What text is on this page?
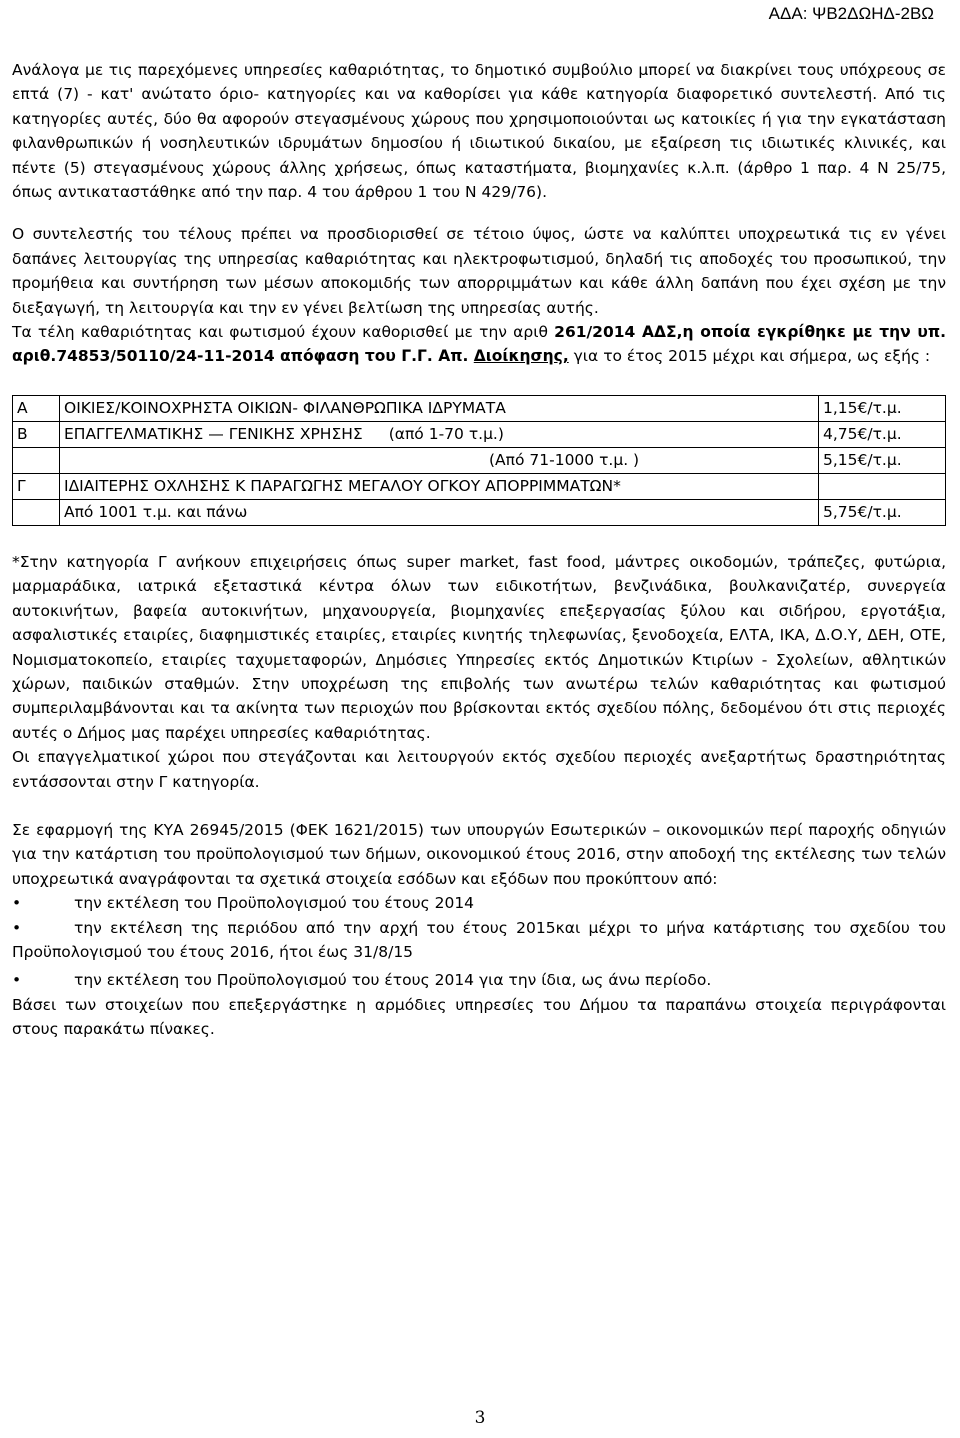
ΑΔΑ: ΨΒ2ΔΩΗΔ-2ΒΩ

Ανάλογα με τις παρεχόμενες υπηρεσίες καθαριότητας, το δημοτικό συμβούλιο μπορεί να διακρίνει τους υπόχρεους σε επτά (7) - κατ' ανώτατο όριο- κατηγορίες και να καθορίσει για κάθε κατηγορία διαφορετικό συντελεστή. Από τις κατηγορίες αυτές, δύο θα αφορούν στεγασμένους χώρους που χρησιμοποιούνται ως κατοικίες ή για την εγκατάσταση φιλανθρωπικών ή νοσηλευτικών ιδρυμάτων δημοσίου ή ιδιωτικού δικαίου, με εξαίρεση τις ιδιωτικές κλινικές, και πέντε (5) στεγασμένους χώρους άλλης χρήσεως, όπως καταστήματα, βιομηχανίες κ.λ.π. (άρθρο 1 παρ. 4 Ν 25/75, όπως αντικαταστάθηκε από την παρ. 4 του άρθρου 1 του Ν 429/76).

Ο συντελεστής του τέλους πρέπει να προσδιορισθεί σε τέτοιο ύψος, ώστε να καλύπτει υποχρεωτικά τις εν γένει δαπάνες λειτουργίας της υπηρεσίας καθαριότητας και ηλεκτροφωτισμού, δηλαδή τις αποδοχές του προσωπικού, την προμήθεια και συντήρηση των μέσων αποκομιδής των απορριμμάτων και κάθε άλλη δαπάνη που έχει σχέση με την διεξαγωγή, τη λειτουργία και την εν γένει βελτίωση της υπηρεσίας αυτής.

Τα τέλη καθαριότητας και φωτισμού έχουν καθορισθεί με την αριθ 261/2014 ΑΔΣ,η οποία εγκρίθηκε με την υπ. αριθ.74853/50110/24-11-2014 απόφαση του Γ.Γ. Απ. Διοίκησης, για το έτος 2015 μέχρι και σήμερα, ως εξής :

Α	ΟΙΚΙΕΣ/ΚΟΙΝΟΧΡΗΣΤΑ ΟΙΚΙΩΝ- ΦΙΛΑΝΘΡΩΠΙΚΑ ΙΔΡΥΜΑΤΑ	1,15€/τ.μ.
Β	ΕΠΑΓΓΕΛΜΑΤΙΚΗΣ — ΓΕΝΙΚΗΣ ΧΡΗΣΗΣ (από 1-70 τ.μ.)	4,75€/τ.μ.
	(Από 71-1000 τ.μ. )	5,15€/τ.μ.
Γ	ΙΔΙΑΙΤΕΡΗΣ ΟΧΛΗΣΗΣ Κ ΠΑΡΑΓΩΓΗΣ ΜΕΓΑΛΟΥ ΟΓΚΟΥ ΑΠΟΡΡΙΜΜΑΤΩΝ*	
	Από 1001 τ.μ. και πάνω	5,75€/τ.μ.

*Στην κατηγορία Γ ανήκουν επιχειρήσεις όπως super market, fast food, μάντρες οικοδομών, τράπεζες, φυτώρια, μαρμαράδικα, ιατρικά εξεταστικά κέντρα όλων των ειδικοτήτων, βενζινάδικα, βουλκανιζατέρ, συνεργεία αυτοκινήτων, βαφεία αυτοκινήτων, μηχανουργεία, βιομηχανίες επεξεργασίας ξύλου και σιδήρου, εργοτάξια, ασφαλιστικές εταιρίες, διαφημιστικές εταιρίες, εταιρίες κινητής τηλεφωνίας, ξενοδοχεία, ΕΛΤΑ, ΙΚΑ, Δ.Ο.Υ, ΔΕΗ, ΟΤΕ, Νομισματοκοπείο, εταιρίες ταχυμεταφορών, Δημόσιες Υπηρεσίες εκτός Δημοτικών Κτιρίων - Σχολείων, αθλητικών χώρων, παιδικών σταθμών. Στην υποχρέωση της επιβολής των ανωτέρω τελών καθαριότητας και φωτισμού συμπεριλαμβάνονται και τα ακίνητα των περιοχών που βρίσκονται εκτός σχεδίου πόλης, δεδομένου ότι στις περιοχές αυτές ο Δήμος μας παρέχει υπηρεσίες καθαριότητας.

Οι επαγγελματικοί χώροι που στεγάζονται και λειτουργούν εκτός σχεδίου περιοχές ανεξαρτήτως δραστηριότητας εντάσσονται στην Γ κατηγορία.

Σε εφαρμογή της ΚΥΑ 26945/2015 (ΦΕΚ 1621/2015) των υπουργών Εσωτερικών – οικονομικών περί παροχής οδηγιών για την κατάρτιση του προϋπολογισμού των δήμων, οικονομικού έτους 2016, στην αποδοχή της εκτέλεσης των τελών υποχρεωτικά αναγράφονται τα σχετικά στοιχεία εσόδων και εξόδων που προκύπτουν από:

•	την εκτέλεση του Προϋπολογισμού του έτους 2014

•	την εκτέλεση της περιόδου από την αρχή του έτους 2015και μέχρι το μήνα κατάρτισης του σχεδίου του Προϋπολογισμού του έτους 2016, ήτοι έως 31/8/15

•	την εκτέλεση του Προϋπολογισμού του έτους 2014 για την ίδια, ως άνω περίοδο.

Βάσει των στοιχείων που επεξεργάστηκε η αρμόδιες υπηρεσίες του Δήμου τα παραπάνω στοιχεία περιγράφονται στους παρακάτω πίνακες.

3
